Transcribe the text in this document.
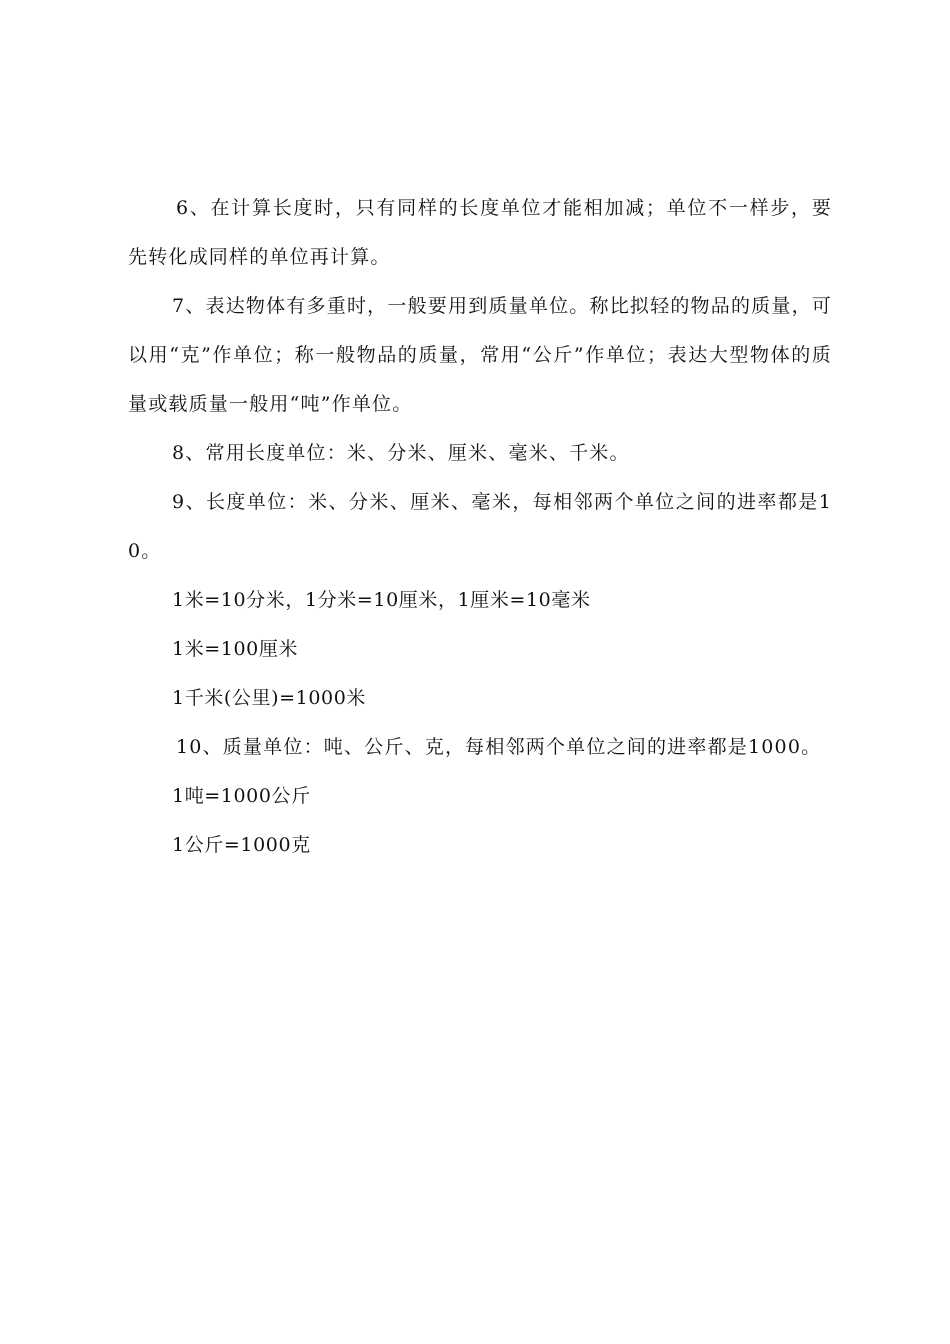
6、在计算长度时，只有同样的长度单位才能相加减；单位不一样步，要先转化成同样的单位再计算。

7、表达物体有多重时，一般要用到质量单位。称比拟轻的物品的质量，可以用“克”作单位；称一般物品的质量，常用“公斤”作单位；表达大型物体的质量或载质量一般用“吨”作单位。

8、常用长度单位：米、分米、厘米、毫米、千米。

9、长度单位：米、分米、厘米、毫米，每相邻两个单位之间的进率都是10。

1米=10分米，1分米=10厘米，1厘米=10毫米

1米=100厘米

1千米(公里)=1000米

10、质量单位：吨、公斤、克，每相邻两个单位之间的进率都是1000。

1吨=1000公斤

1公斤=1000克
